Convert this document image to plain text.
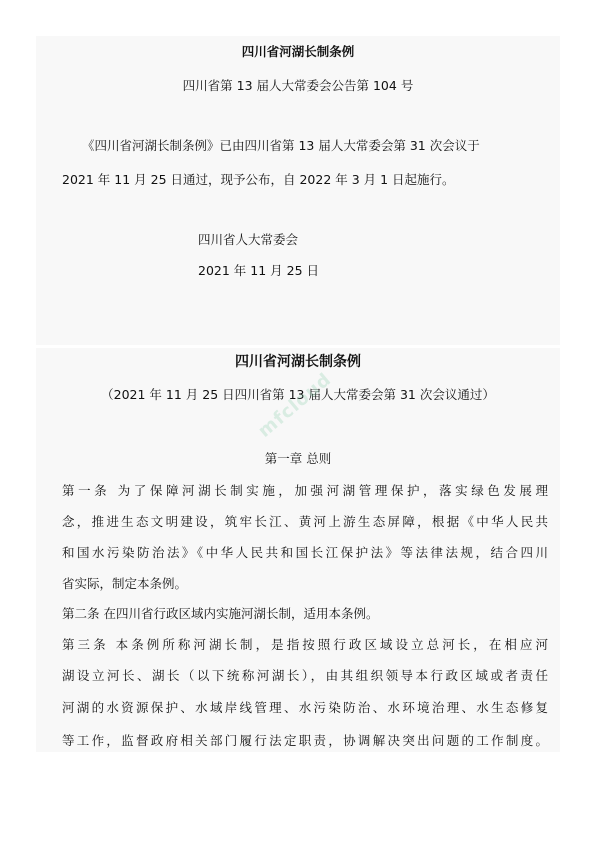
四川省河湖长制条例
四川省第 13 届人大常委会公告第 104 号
《四川省河湖长制条例》已由四川省第 13 届人大常委会第 31 次会议于
2021 年 11 月 25 日通过，现予公布，自 2022 年 3 月 1 日起施行。
四川省人大常委会
2021 年 11 月 25 日
四川省河湖长制条例
（2021 年 11 月 25 日四川省第 13 届人大常委会第 31 次会议通过）
mfcloud
第一章 总则
第一条 为了保障河湖长制实施，加强河湖管理保护，落实绿色发展理
念，推进生态文明建设，筑牢长江、黄河上游生态屏障，根据《中华人民共
和国水污染防治法》《中华人民共和国长江保护法》等法律法规，结合四川
省实际，制定本条例。
第二条 在四川省行政区域内实施河湖长制，适用本条例。
第三条 本条例所称河湖长制，是指按照行政区域设立总河长，在相应河
湖设立河长、湖长（以下统称河湖长），由其组织领导本行政区域或者责任
河湖的水资源保护、水域岸线管理、水污染防治、水环境治理、水生态修复
等工作，监督政府相关部门履行法定职责，协调解决突出问题的工作制度。
